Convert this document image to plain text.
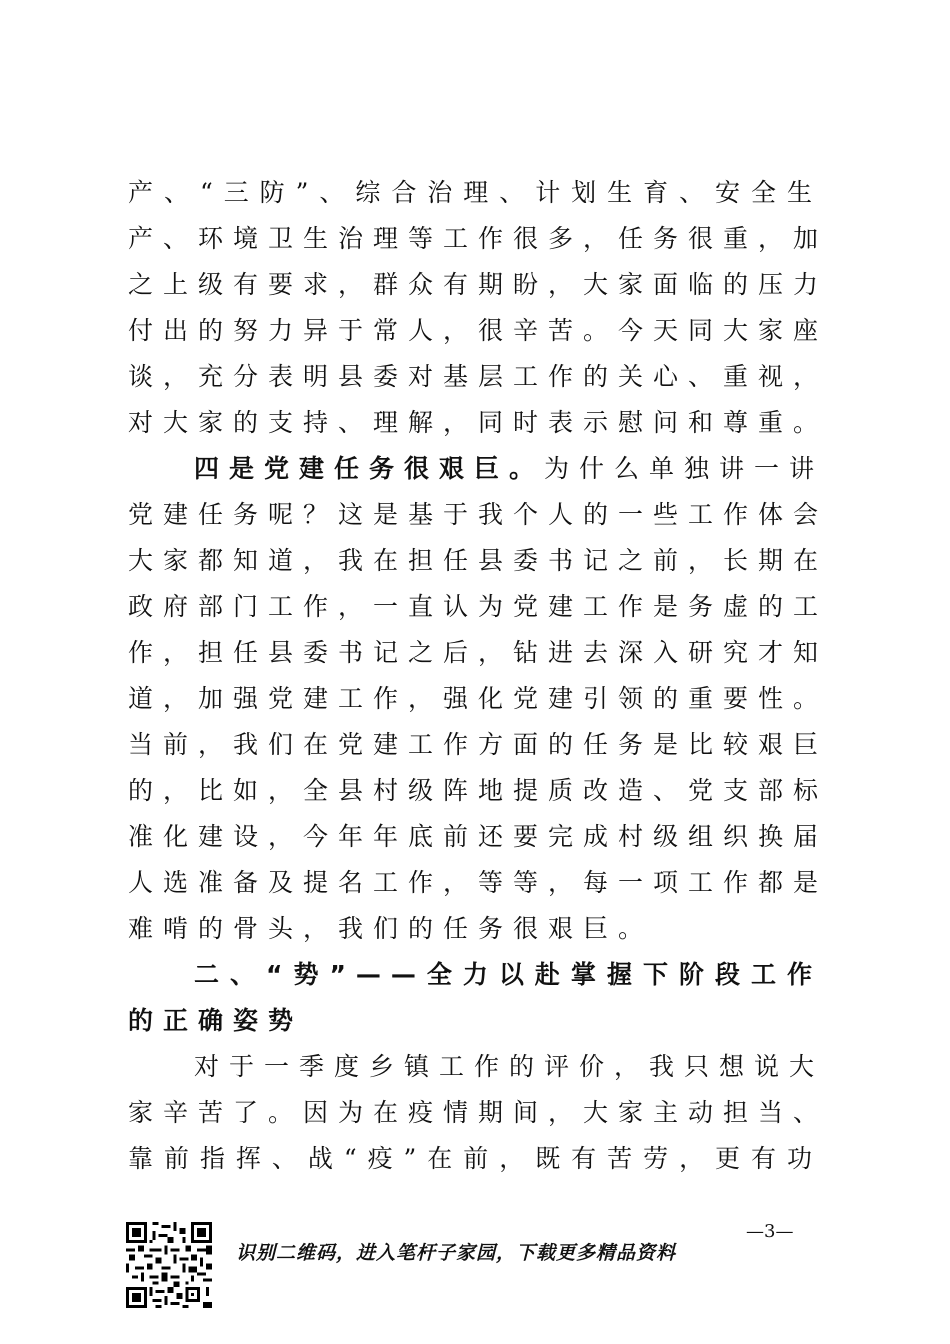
产、“三防”、综合治理、计划生育、安全生
产、环境卫生治理等工作很多，任务很重，加
之上级有要求，群众有期盼，大家面临的压力
付出的努力异于常人，很辛苦。今天同大家座
谈，充分表明县委对基层工作的关心、重视，
对大家的支持、理解，同时表示慰问和尊重。
四是党建任务很艰巨。为什么单独讲一讲
党建任务呢？这是基于我个人的一些工作体会
大家都知道，我在担任县委书记之前，长期在
政府部门工作，一直认为党建工作是务虚的工
作，担任县委书记之后，钻进去深入研究才知
道，加强党建工作，强化党建引领的重要性。
当前，我们在党建工作方面的任务是比较艰巨
的，比如，全县村级阵地提质改造、党支部标
准化建设，今年年底前还要完成村级组织换届
人选准备及提名工作，等等，每一项工作都是
难啃的骨头，我们的任务很艰巨。
二、“势”——全力以赴掌握下阶段工作
的正确姿势
对于一季度乡镇工作的评价，我只想说大
家辛苦了。因为在疫情期间，大家主动担当、
靠前指挥、战“疫”在前，既有苦劳，更有功
识别二维码，进入笔杆子家园，下载更多精品资料
—3—
